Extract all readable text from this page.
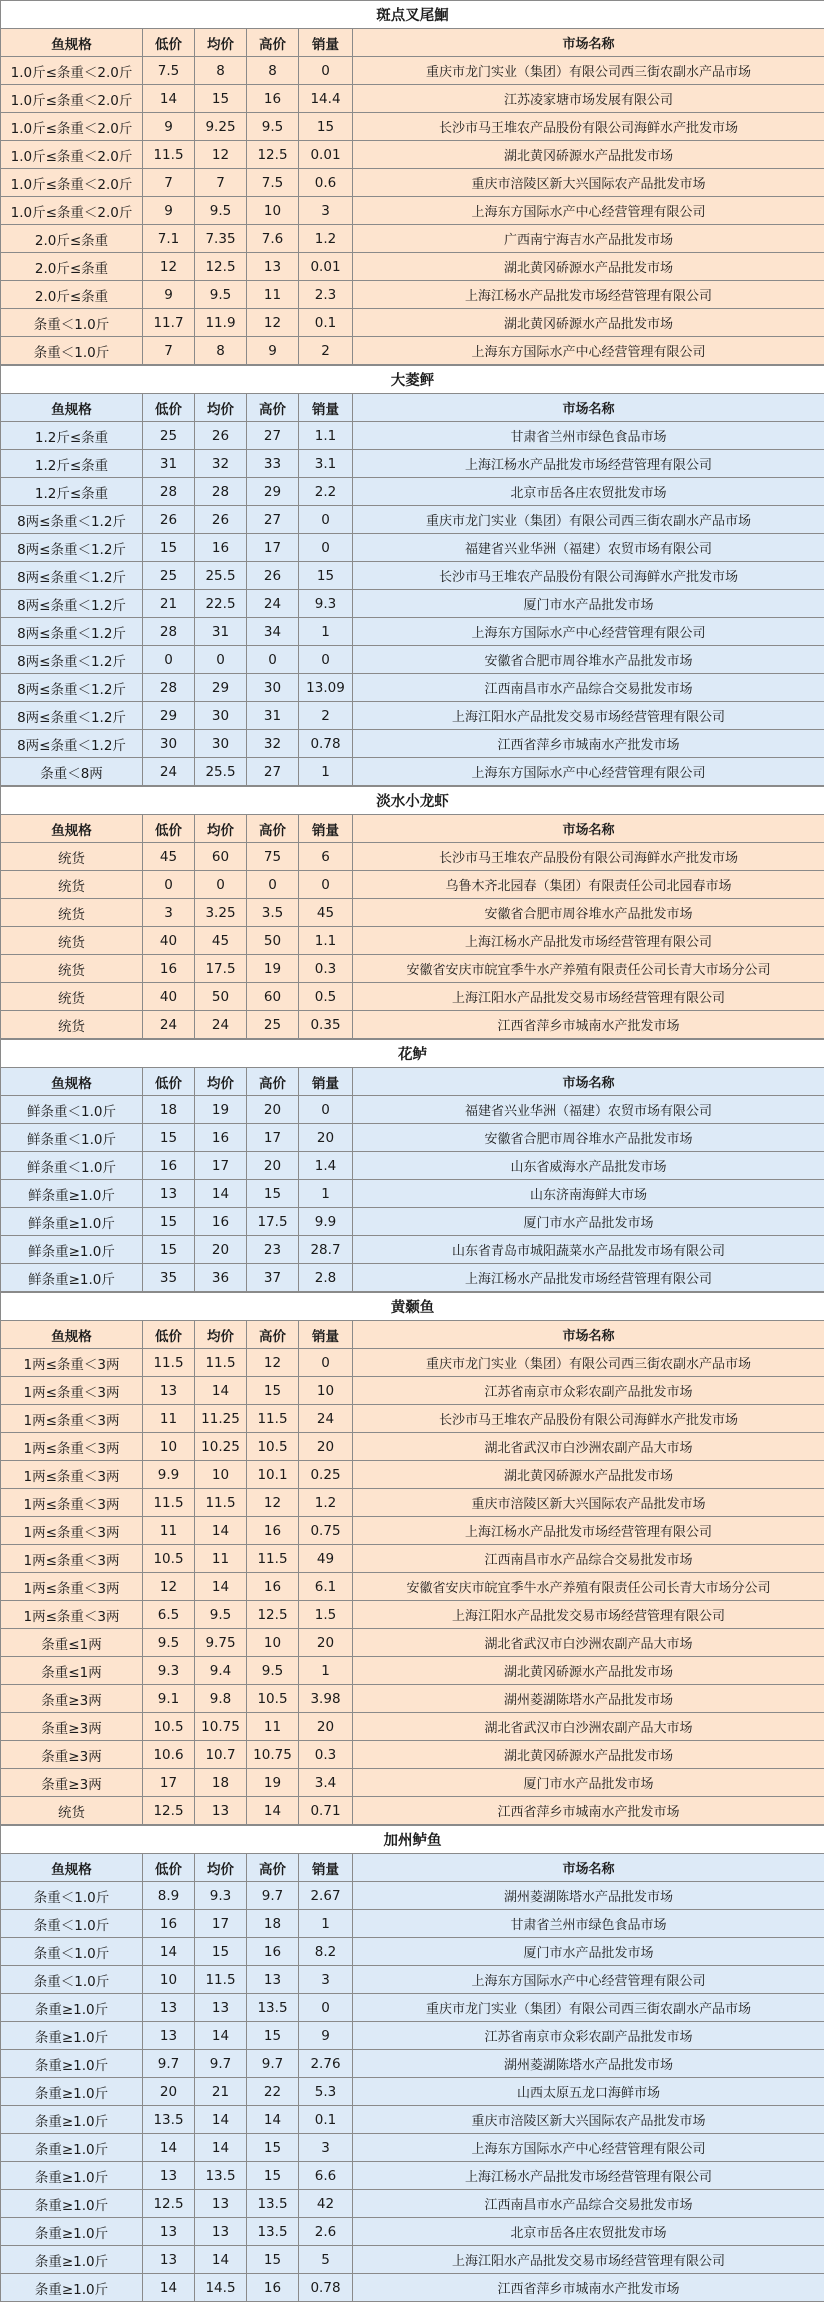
斑点叉尾鮰					
鱼规格	低价	均价	高价	销量	市场名称
1.0斤≤条重＜2.0斤	7.5	8	8	0	重庆市龙门实业（集团）有限公司西三街农副水产品市场
1.0斤≤条重＜2.0斤	14	15	16	14.4	江苏凌家塘市场发展有限公司
1.0斤≤条重＜2.0斤	9	9.25	9.5	15	长沙市马王堆农产品股份有限公司海鲜水产批发市场
1.0斤≤条重＜2.0斤	11.5	12	12.5	0.01	湖北黄冈硚源水产品批发市场
1.0斤≤条重＜2.0斤	7	7	7.5	0.6	重庆市涪陵区新大兴国际农产品批发市场
1.0斤≤条重＜2.0斤	9	9.5	10	3	上海东方国际水产中心经营管理有限公司
2.0斤≤条重	7.1	7.35	7.6	1.2	广西南宁海吉水产品批发市场
2.0斤≤条重	12	12.5	13	0.01	湖北黄冈硚源水产品批发市场
2.0斤≤条重	9	9.5	11	2.3	上海江杨水产品批发市场经营管理有限公司
条重＜1.0斤	11.7	11.9	12	0.1	湖北黄冈硚源水产品批发市场
条重＜1.0斤	7	8	9	2	上海东方国际水产中心经营管理有限公司
大菱鲆					
鱼规格	低价	均价	高价	销量	市场名称
1.2斤≤条重	25	26	27	1.1	甘肃省兰州市绿色食品市场
1.2斤≤条重	31	32	33	3.1	上海江杨水产品批发市场经营管理有限公司
1.2斤≤条重	28	28	29	2.2	北京市岳各庄农贸批发市场
8两≤条重＜1.2斤	26	26	27	0	重庆市龙门实业（集团）有限公司西三街农副水产品市场
8两≤条重＜1.2斤	15	16	17	0	福建省兴业华洲（福建）农贸市场有限公司
8两≤条重＜1.2斤	25	25.5	26	15	长沙市马王堆农产品股份有限公司海鲜水产批发市场
8两≤条重＜1.2斤	21	22.5	24	9.3	厦门市水产品批发市场
8两≤条重＜1.2斤	28	31	34	1	上海东方国际水产中心经营管理有限公司
8两≤条重＜1.2斤	0	0	0	0	安徽省合肥市周谷堆水产品批发市场
8两≤条重＜1.2斤	28	29	30	13.09	江西南昌市水产品综合交易批发市场
8两≤条重＜1.2斤	29	30	31	2	上海江阳水产品批发交易市场经营管理有限公司
8两≤条重＜1.2斤	30	30	32	0.78	江西省萍乡市城南水产批发市场
条重＜8两	24	25.5	27	1	上海东方国际水产中心经营管理有限公司
淡水小龙虾					
鱼规格	低价	均价	高价	销量	市场名称
统货	45	60	75	6	长沙市马王堆农产品股份有限公司海鲜水产批发市场
统货	0	0	0	0	乌鲁木齐北园春（集团）有限责任公司北园春市场
统货	3	3.25	3.5	45	安徽省合肥市周谷堆水产品批发市场
统货	40	45	50	1.1	上海江杨水产品批发市场经营管理有限公司
统货	16	17.5	19	0.3	安徽省安庆市皖宜季牛水产养殖有限责任公司长青大市场分公司
统货	40	50	60	0.5	上海江阳水产品批发交易市场经营管理有限公司
统货	24	24	25	0.35	江西省萍乡市城南水产批发市场
花鲈					
鱼规格	低价	均价	高价	销量	市场名称
鲜条重＜1.0斤	18	19	20	0	福建省兴业华洲（福建）农贸市场有限公司
鲜条重＜1.0斤	15	16	17	20	安徽省合肥市周谷堆水产品批发市场
鲜条重＜1.0斤	16	17	20	1.4	山东省威海水产品批发市场
鲜条重≥1.0斤	13	14	15	1	山东济南海鲜大市场
鲜条重≥1.0斤	15	16	17.5	9.9	厦门市水产品批发市场
鲜条重≥1.0斤	15	20	23	28.7	山东省青岛市城阳蔬菜水产品批发市场有限公司
鲜条重≥1.0斤	35	36	37	2.8	上海江杨水产品批发市场经营管理有限公司
黄颡鱼					
鱼规格	低价	均价	高价	销量	市场名称
1两≤条重＜3两	11.5	11.5	12	0	重庆市龙门实业（集团）有限公司西三街农副水产品市场
1两≤条重＜3两	13	14	15	10	江苏省南京市众彩农副产品批发市场
1两≤条重＜3两	11	11.25	11.5	24	长沙市马王堆农产品股份有限公司海鲜水产批发市场
1两≤条重＜3两	10	10.25	10.5	20	湖北省武汉市白沙洲农副产品大市场
1两≤条重＜3两	9.9	10	10.1	0.25	湖北黄冈硚源水产品批发市场
1两≤条重＜3两	11.5	11.5	12	1.2	重庆市涪陵区新大兴国际农产品批发市场
1两≤条重＜3两	11	14	16	0.75	上海江杨水产品批发市场经营管理有限公司
1两≤条重＜3两	10.5	11	11.5	49	江西南昌市水产品综合交易批发市场
1两≤条重＜3两	12	14	16	6.1	安徽省安庆市皖宜季牛水产养殖有限责任公司长青大市场分公司
1两≤条重＜3两	6.5	9.5	12.5	1.5	上海江阳水产品批发交易市场经营管理有限公司
条重≤1两	9.5	9.75	10	20	湖北省武汉市白沙洲农副产品大市场
条重≤1两	9.3	9.4	9.5	1	湖北黄冈硚源水产品批发市场
条重≥3两	9.1	9.8	10.5	3.98	湖州菱湖陈塔水产品批发市场
条重≥3两	10.5	10.75	11	20	湖北省武汉市白沙洲农副产品大市场
条重≥3两	10.6	10.7	10.75	0.3	湖北黄冈硚源水产品批发市场
条重≥3两	17	18	19	3.4	厦门市水产品批发市场
统货	12.5	13	14	0.71	江西省萍乡市城南水产批发市场
加州鲈鱼					
鱼规格	低价	均价	高价	销量	市场名称
条重＜1.0斤	8.9	9.3	9.7	2.67	湖州菱湖陈塔水产品批发市场
条重＜1.0斤	16	17	18	1	甘肃省兰州市绿色食品市场
条重＜1.0斤	14	15	16	8.2	厦门市水产品批发市场
条重＜1.0斤	10	11.5	13	3	上海东方国际水产中心经营管理有限公司
条重≥1.0斤	13	13	13.5	0	重庆市龙门实业（集团）有限公司西三街农副水产品市场
条重≥1.0斤	13	14	15	9	江苏省南京市众彩农副产品批发市场
条重≥1.0斤	9.7	9.7	9.7	2.76	湖州菱湖陈塔水产品批发市场
条重≥1.0斤	20	21	22	5.3	山西太原五龙口海鲜市场
条重≥1.0斤	13.5	14	14	0.1	重庆市涪陵区新大兴国际农产品批发市场
条重≥1.0斤	14	14	15	3	上海东方国际水产中心经营管理有限公司
条重≥1.0斤	13	13.5	15	6.6	上海江杨水产品批发市场经营管理有限公司
条重≥1.0斤	12.5	13	13.5	42	江西南昌市水产品综合交易批发市场
条重≥1.0斤	13	13	13.5	2.6	北京市岳各庄农贸批发市场
条重≥1.0斤	13	14	15	5	上海江阳水产品批发交易市场经营管理有限公司
条重≥1.0斤	14	14.5	16	0.78	江西省萍乡市城南水产批发市场
